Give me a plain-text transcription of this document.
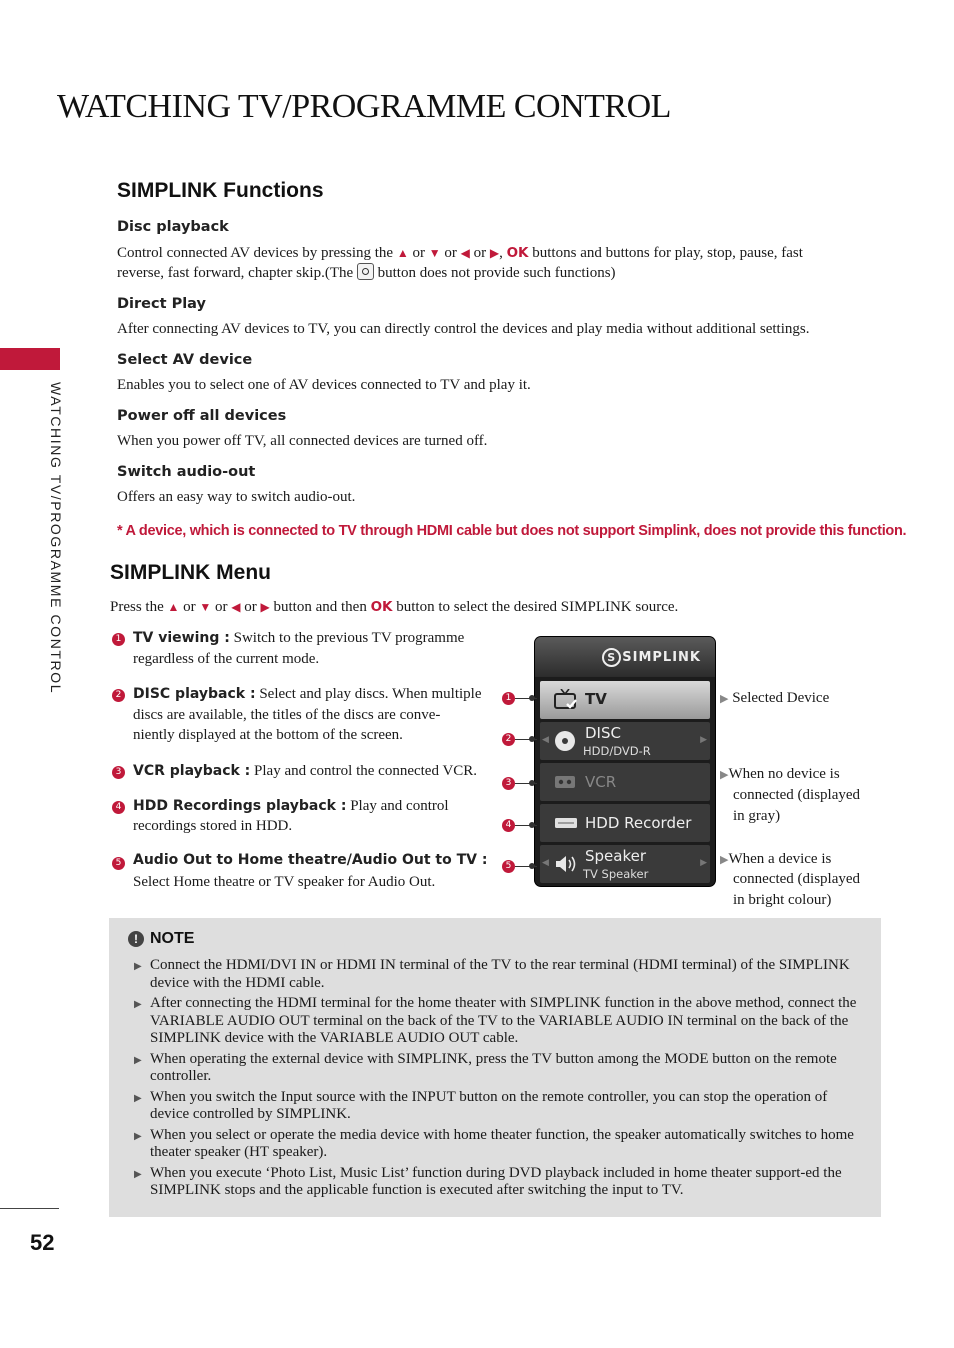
WATCHING TV/PROGRAMME CONTROL
WATCHING TV/PROGRAMME CONTROL
52
SIMPLINK Functions
Disc playback
Control connected AV devices by pressing the ▲ or ▼ or ◀ or ▶, OK buttons and buttons for play, stop, pause, fast
reverse, fast forward, chapter skip.(The button does not provide such functions)
Direct Play
After connecting AV devices to TV, you can directly control the devices and play media without additional settings.
Select AV device
Enables you to select one of AV devices connected to TV and play it.
Power off all devices
When you power off TV, all connected devices are turned off.
Switch audio-out
Offers an easy way to switch audio-out.
* A device, which is connected to TV through HDMI cable but does not support Simplink, does not provide this function.
SIMPLINK Menu
Press the ▲ or ▼ or ◀ or ▶ button and then OK button to select the desired SIMPLINK source.
1 TV viewing : Switch to the previous TV programme
regardless of the current mode.
2 DISC playback : Select and play discs. When multiple
discs are available, the titles of the discs are conve-
niently displayed at the bottom of the screen.
3 VCR playback : Play and control the connected VCR.
4 HDD Recordings playback : Play and control
recordings stored in HDD.
5 Audio Out to Home theatre/Audio Out to TV :
Select Home theatre or TV speaker for Audio Out.
S SIMPLINK
TV
◀ DISC
HDD/DVD-R
▶
VCR
HDD Recorder
◀ Speaker
TV Speaker
▶
1
2
3
4
5
▶ Selected Device
▶When no device is
connected (displayed
in gray)
▶When a device is
connected (displayed
in bright colour)
! NOTE
▶ Connect the HDMI/DVI IN or HDMI IN terminal of the TV to the rear terminal (HDMI terminal) of the SIMPLINK device with the HDMI cable.
▶ After connecting the HDMI terminal for the home theater with SIMPLINK function in the above method, connect the VARIABLE AUDIO OUT terminal on the back of the TV to the VARIABLE AUDIO IN terminal on the back of the SIMPLINK device with the VARIABLE AUDIO OUT cable.
▶ When operating the external device with SIMPLINK, press the TV button among the MODE button on the remote controller.
▶ When you switch the Input source with the INPUT button on the remote controller, you can stop the operation of device controlled by SIMPLINK.
▶ When you select or operate the media device with home theater function, the speaker automatically switches to home theater speaker (HT speaker).
▶ When you execute ‘Photo List, Music List’ function during DVD playback included in home theater support-ed the SIMPLINK stops and the applicable function is executed after switching the input to TV.
